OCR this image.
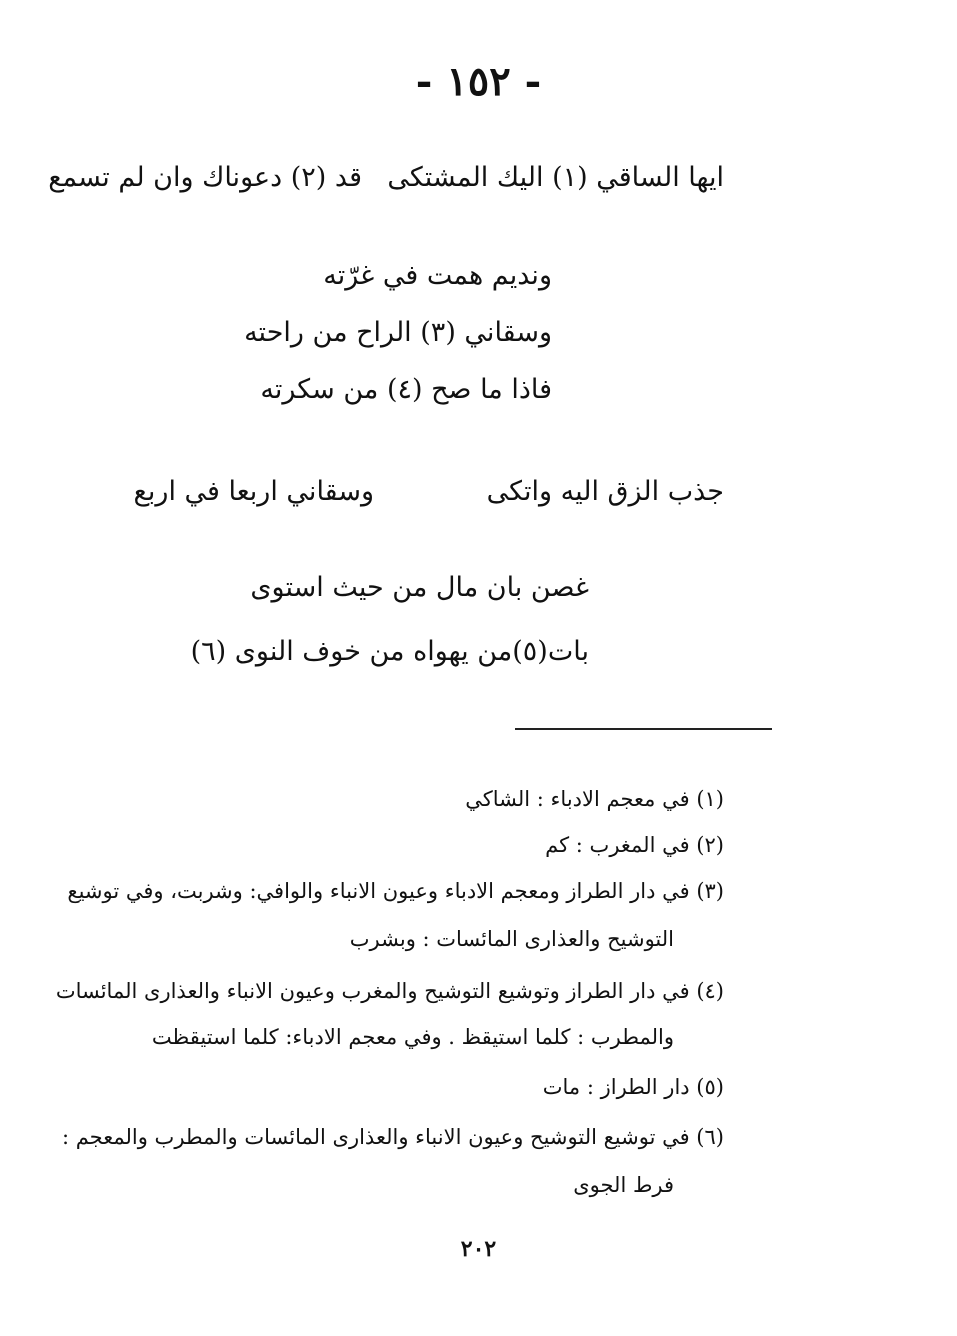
- ١٥٢ -
ايها الساقي (١) اليك المشتكى
قد (٢) دعوناك وان لم تسمع
ونديم همت في غرّته
وسقاني (٣) الراح من راحته
فاذا ما صح (٤) من سكرته
جذب الزق اليه واتكى
وسقاني اربعا في اربع
غصن بان مال من حيث استوى
بات(٥)من يهواه من خوف النوى (٦)
(١) في معجم الادباء : الشاكي
(٢) في المغرب : كم
(٣) في دار الطراز ومعجم الادباء وعيون الانباء والوافي: وشربت، وفي توشيع
التوشيح والعذارى المائسات : وبشرب
(٤) في دار الطراز وتوشيع التوشيح والمغرب وعيون الانباء والعذارى المائسات
والمطرب : كلما استيقظ . وفي معجم الادباء: كلما استيقظت
(٥) دار الطراز : مات
(٦) في توشيع التوشيح وعيون الانباء والعذارى المائسات والمطرب والمعجم :
فرط الجوى
٢٠٢
